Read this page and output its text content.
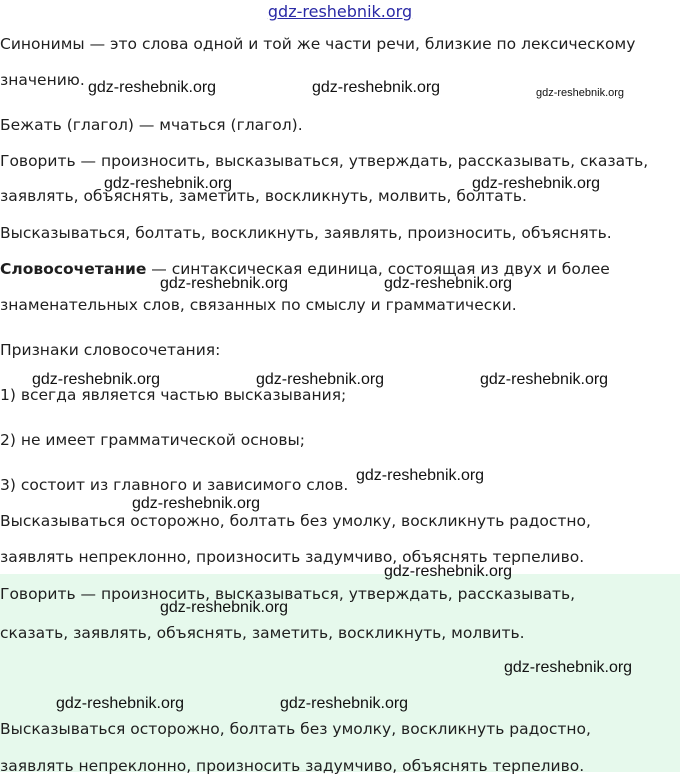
gdz-reshebnik.org
Синонимы — это слова одной и той же части речи, близкие по лексическому
значению.
Бежать (глагол) — мчаться (глагол).
Говорить — произносить, высказываться, утверждать, рассказывать, сказать,
заявлять, объяснять, заметить, воскликнуть, молвить, болтать.
Высказываться, болтать, воскликнуть, заявлять, произносить, объяснять.
Словосочетание — синтаксическая единица, состоящая из двух и более
знаменательных слов, связанных по смыслу и грамматически.
Признаки словосочетания:
1) всегда является частью высказывания;
2) не имеет грамматической основы;
3) состоит из главного и зависимого слов.
Высказываться осторожно, болтать без умолку, воскликнуть радостно,
заявлять непреклонно, произносить задумчиво, объяснять терпеливо.
Говорить — произносить, высказываться, утверждать, рассказывать,
сказать, заявлять, объяснять, заметить, воскликнуть, молвить.
Высказываться осторожно, болтать без умолку, воскликнуть радостно,
заявлять непреклонно, произносить задумчиво, объяснять терпеливо.
gdz-reshebnik.org	gdz-reshebnik.org	gdz-reshebnik.org
gdz-reshebnik.org	gdz-reshebnik.org
gdz-reshebnik.org	gdz-reshebnik.org
gdz-reshebnik.org	gdz-reshebnik.org	gdz-reshebnik.org
gdz-reshebnik.org
gdz-reshebnik.org
gdz-reshebnik.org
gdz-reshebnik.org
gdz-reshebnik.org
gdz-reshebnik.org	gdz-reshebnik.org
